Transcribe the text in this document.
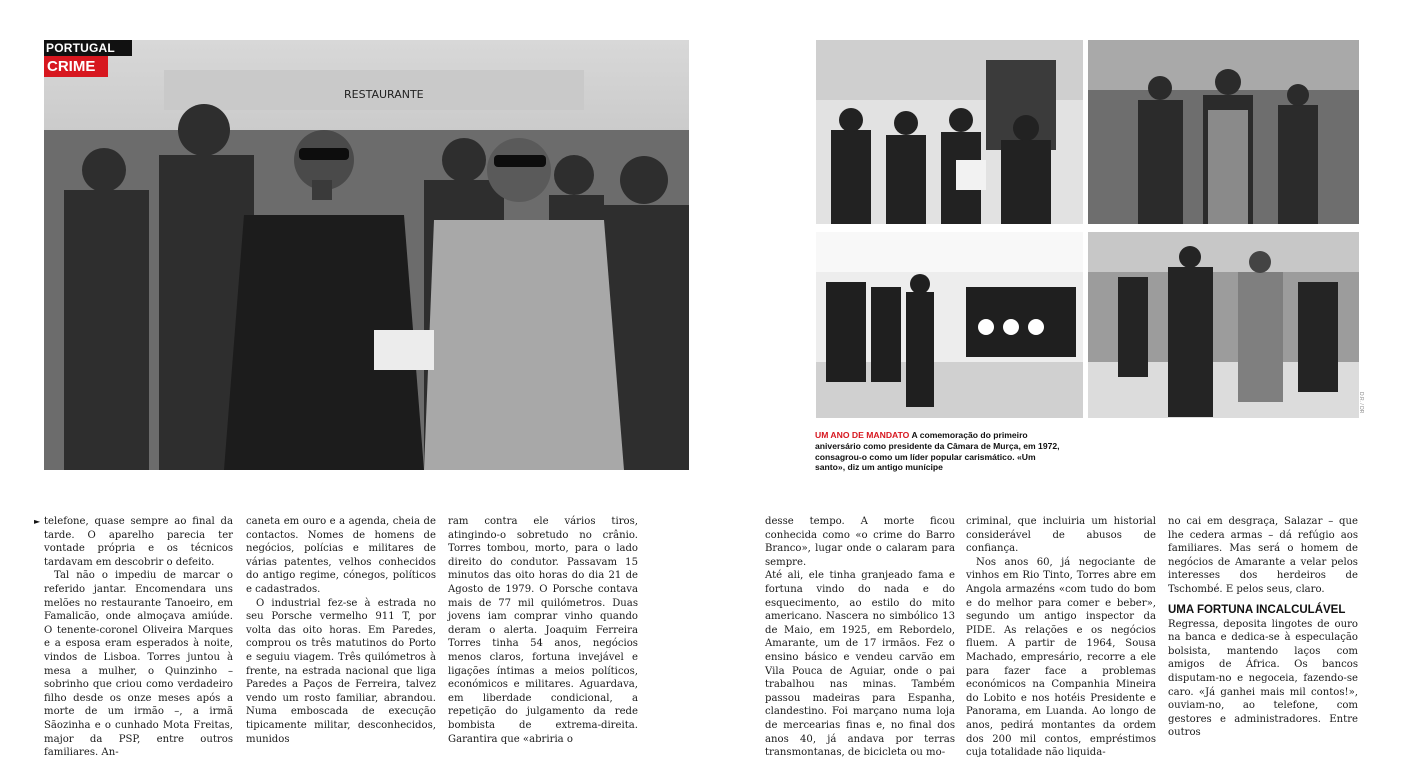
PORTUGAL
CRIME
RESTAURANTE
D.R. / DR
UM ANO DE MANDATO A comemoração do primeiro aniversário como presidente da Câmara de Murça, em 1972, consagrou-o como um líder popular carismático. «Um santo», diz um antigo munícipe
► telefone, quase sempre ao final da tarde. O aparelho parecia ter vontade própria e os técnicos tardavam em descobrir o defeito.

Tal não o impediu de marcar o referido jantar. Encomendara uns melões no restaurante Tanoeiro, em Famalicão, onde almoçava amiúde. O tenente-coronel Oliveira Marques e a esposa eram esperados à noite, vindos de Lisboa. Torres juntou à mesa a mulher, o Quinzinho – sobrinho que criou como verdadeiro filho desde os onze meses após a morte de um irmão –, a irmã Sãozinha e o cunhado Mota Freitas, major da PSP, entre outros familiares. An-

caneta em ouro e a agenda, cheia de contactos. Nomes de homens de negócios, polícias e militares de várias patentes, velhos conhecidos do antigo regime, cónegos, políticos e cadastrados.

O industrial fez-se à estrada no seu Porsche vermelho 911 T, por volta das oito horas. Em Paredes, comprou os três matutinos do Porto e seguiu viagem. Três quilómetros à frente, na estrada nacional que liga Paredes a Paços de Ferreira, talvez vendo um rosto familiar, abrandou. Numa emboscada de execução tipicamente militar, desconhecidos, munidos

ram contra ele vários tiros, atingindo-o sobretudo no crânio. Torres tombou, morto, para o lado direito do condutor. Passavam 15 minutos das oito horas do dia 21 de Agosto de 1979. O Porsche contava mais de 77 mil quilómetros. Duas jovens iam comprar vinho quando deram o alerta. Joaquim Ferreira Torres tinha 54 anos, negócios menos claros, fortuna invejável e ligações íntimas a meios políticos, económicos e militares. Aguardava, em liberdade condicional, a repetição do julgamento da rede bombista de extrema-direita. Garantira que «abriria o

desse tempo. A morte ficou conhecida como «o crime do Barro Branco», lugar onde o calaram para sempre.

Até ali, ele tinha granjeado fama e fortuna vindo do nada e do esquecimento, ao estilo do mito americano. Nascera no simbólico 13 de Maio, em 1925, em Rebordelo, Amarante, um de 17 irmãos. Fez o ensino básico e vendeu carvão em Vila Pouca de Aguiar, onde o pai trabalhou nas minas. Também passou madeiras para Espanha, clandestino. Foi marçano numa loja de mercearias finas e, no final dos anos 40, já andava por terras transmontanas, de bicicleta ou mo-

criminal, que incluiria um historial considerável de abusos de confiança.

Nos anos 60, já negociante de vinhos em Rio Tinto, Torres abre em Angola armazéns «com tudo do bom e do melhor para comer e beber», segundo um antigo inspector da PIDE. As relações e os negócios fluem. A partir de 1964, Sousa Machado, empresário, recorre a ele para fazer face a problemas económicos na Companhia Mineira do Lobito e nos hotéis Presidente e Panorama, em Luanda. Ao longo de anos, pedirá montantes da ordem dos 200 mil contos, empréstimos cuja totalidade não liquida-

no cai em desgraça, Salazar – que lhe cedera armas – dá refúgio aos familiares. Mas será o homem de negócios de Amarante a velar pelos interesses dos herdeiros de Tschombé. E pelos seus, claro.

UMA FORTUNA INCALCULÁVEL

Regressa, deposita lingotes de ouro na banca e dedica-se à especulação bolsista, mantendo laços com amigos de África. Os bancos disputam-no e negoceia, fazendo-se caro. «Já ganhei mais mil contos!», ouviam-no, ao telefone, com gestores e administradores. Entre outros
